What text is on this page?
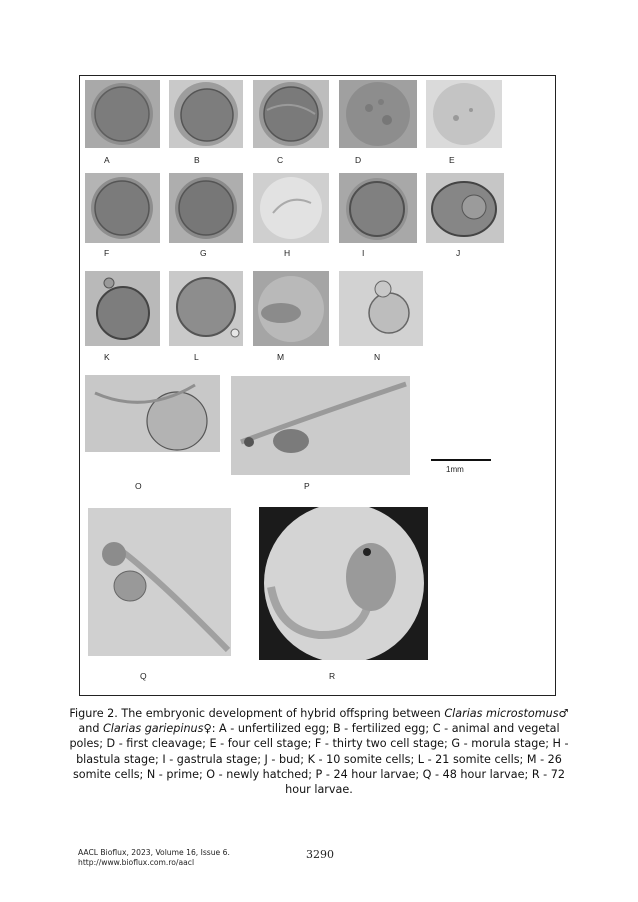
A	B	C	D	E
F	G	H	I	J
K	L	M	N
1mm
O	P
Q	R
Figure 2. The embryonic development of hybrid offspring between Clarias microstomus♂ and Clarias gariepinus♀: A - unfertilized egg; B - fertilized egg; C - animal and vegetal poles; D - first cleavage; E - four cell stage; F - thirty two cell stage; G - morula stage; H - blastula stage; I - gastrula stage; J - bud; K - 10 somite cells; L - 21 somite cells; M - 26 somite cells; N - prime; O - newly hatched; P - 24 hour larvae; Q - 48 hour larvae; R - 72 hour larvae.
AACL Bioflux, 2023, Volume 16, Issue 6.
http://www.bioflux.com.ro/aacl
3290
